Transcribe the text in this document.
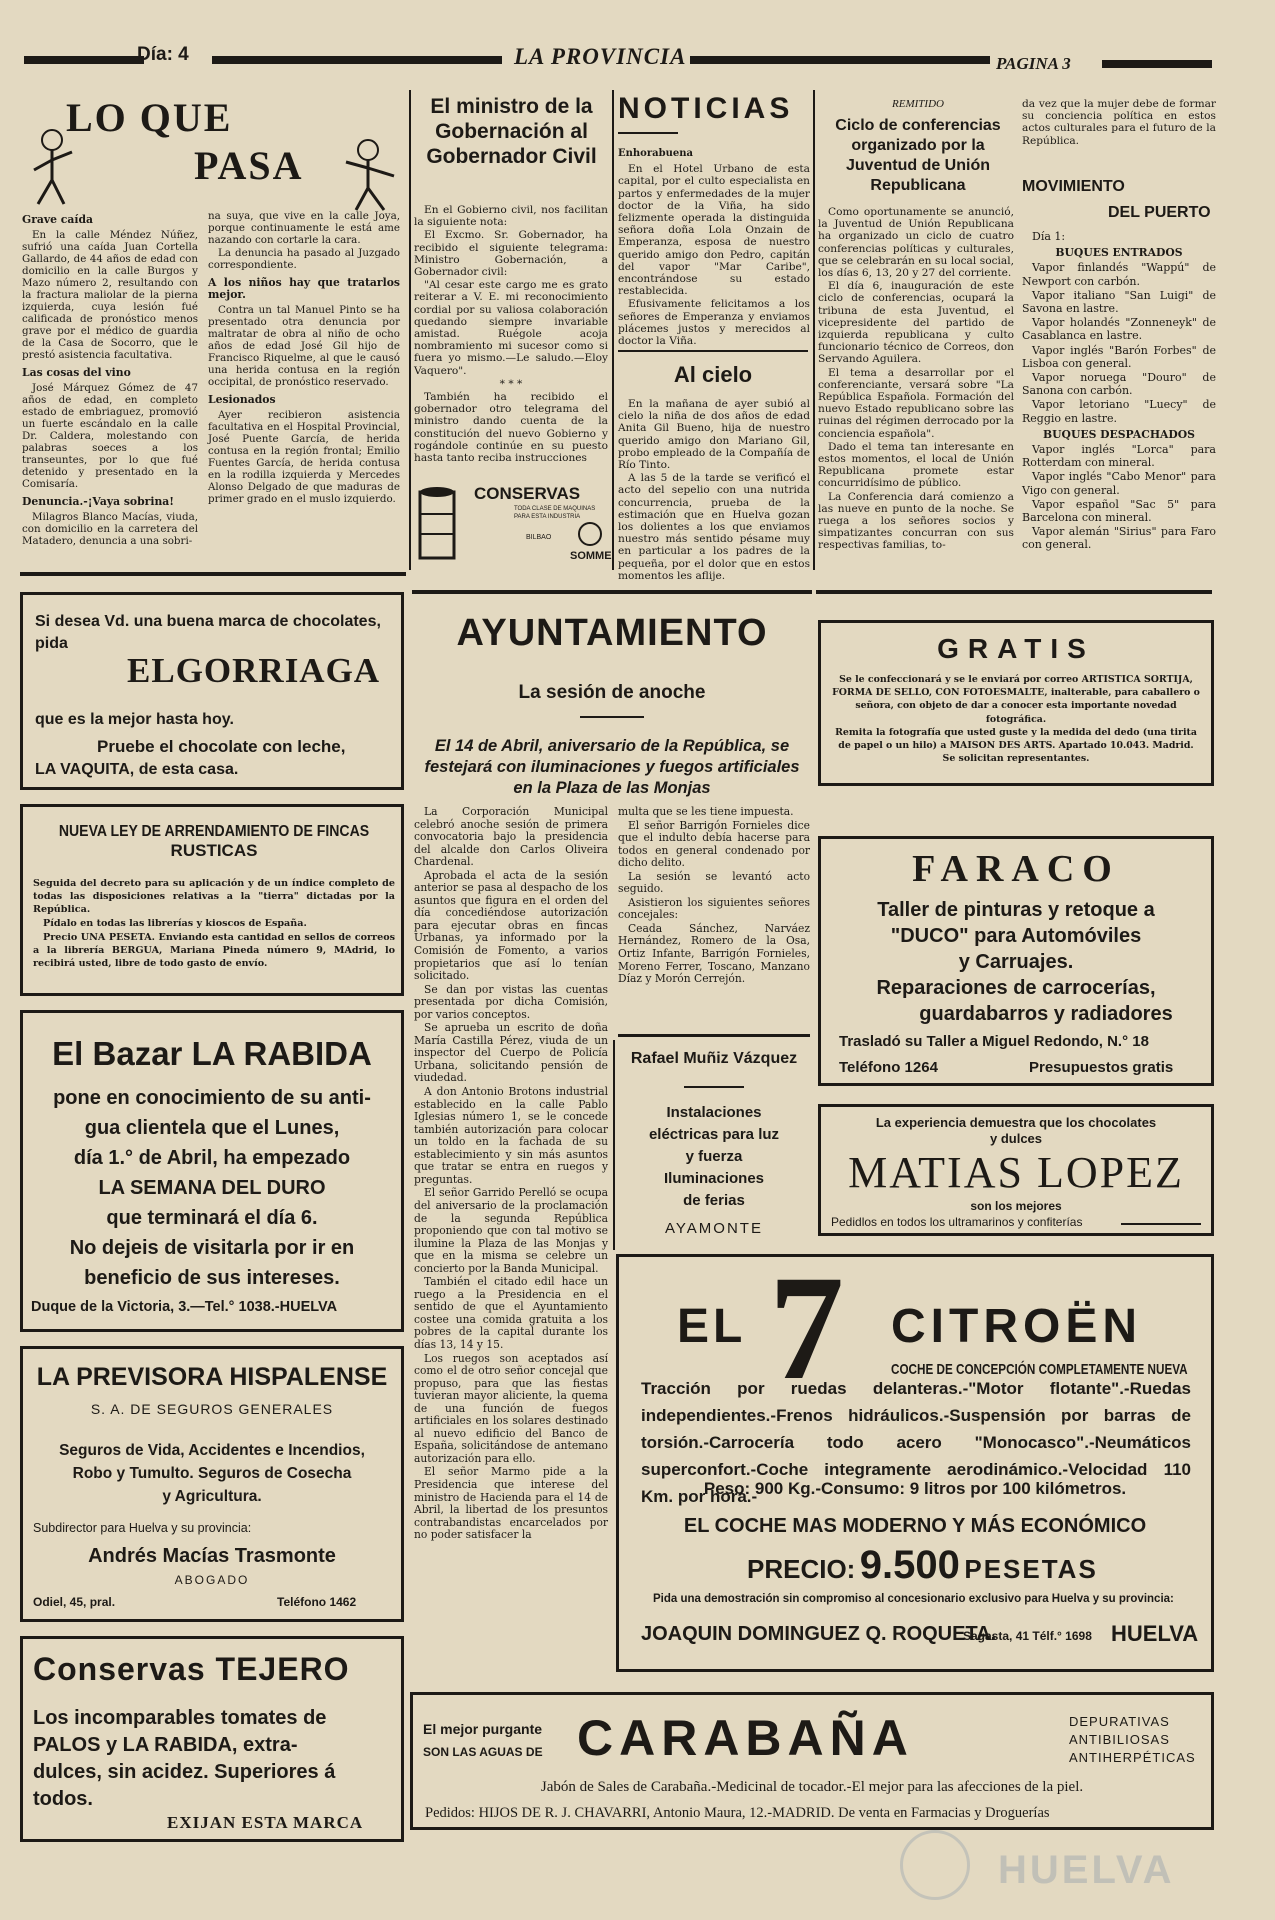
Día: 4	LA PROVINCIA	PAGINA 3
LO QUE
PASA
Grave caída

En la calle Méndez Núñez, sufrió una caída Juan Cortella Gallardo, de 44 años de edad con domicilio en la calle Burgos y Mazo número 2, resultando con la fractura maliolar de la pierna izquierda, cuya lesión fué calificada de pronóstico menos grave por el médico de guardia de la Casa de Socorro, que le prestó asistencia facultativa.

Las cosas del vino

José Márquez Gómez de 47 años de edad, en completo estado de embriaguez, promovió un fuerte escándalo en la calle Dr. Caldera, molestando con palabras soeces a los transeuntes, por lo que fué detenido y presentado en la Comisaría.

Denuncia.-¡Vaya sobrina!

Milagros Blanco Macías, viuda, con domicilio en la carretera del Matadero, denuncia a una sobri-

na suya, que vive en la calle Joya, porque continuamente le está ame nazando con cortarle la cara.

La denuncia ha pasado al Juzgado correspondiente.

A los niños hay que tratarlos mejor.

Contra un tal Manuel Pinto se ha presentado otra denuncia por maltratar de obra al niño de ocho años de edad José Gil hijo de Francisco Riquelme, al que le causó una herida contusa en la región occipital, de pronóstico reservado.

Lesionados

Ayer recibieron asistencia facultativa en el Hospital Provincial, José Puente García, de herida contusa en la región frontal; Emilio Fuentes García, de herida contusa en la rodilla izquierda y Mercedes Alonso Delgado de que maduras de primer grado en el muslo izquierdo.

El ministro de la Gobernación al Gobernador Civil

En el Gobierno civil, nos facilitan la siguiente nota:

El Excmo. Sr. Gobernador, ha recibido el siguiente telegrama: Ministro Gobernación, a Gobernador civil:

"Al cesar este cargo me es grato reiterar a V. E. mi reconocimiento cordial por su valiosa colaboración quedando siempre invariable amistad. Ruégole acoja nombramiento mi sucesor como si fuera yo mismo.—Le saludo.—Eloy Vaquero".

* * *

También ha recibido el gobernador otro telegrama del ministro dando cuenta de la constitución del nuevo Gobierno y rogándole continúe en su puesto hasta tanto reciba instrucciones

CONSERVAS
TODA CLASE DE MAQUINAS
PARA ESTA INDUSTRIA
BILBAO
SOMME
NOTICIAS
Enhorabuena

En el Hotel Urbano de esta capital, por el culto especialista en partos y enfermedades de la mujer doctor de la Viña, ha sido felizmente operada la distinguida señora doña Lola Onzain de Emperanza, esposa de nuestro querido amigo don Pedro, capitán del vapor "Mar Caribe", encontrándose su estado restablecida.

Efusivamente felicitamos a los señores de Emperanza y enviamos plácemes justos y merecidos al doctor la Viña.

Al cielo

En la mañana de ayer subió al cielo la niña de dos años de edad Anita Gil Bueno, hija de nuestro querido amigo don Mariano Gil, probo empleado de la Compañía de Río Tinto.

A las 5 de la tarde se verificó el acto del sepelio con una nutrida concurrencia, prueba de la estimación que en Huelva gozan los dolientes a los que enviamos nuestro más sentido pésame muy en particular a los padres de la pequeña, por el dolor que en estos momentos les aflije.

REMITIDO
Ciclo de conferencias organizado por la Juventud de Unión Republicana

Como oportunamente se anunció, la Juventud de Unión Republicana ha organizado un ciclo de cuatro conferencias políticas y culturales, que se celebrarán en su local social, los días 6, 13, 20 y 27 del corriente.

El día 6, inauguración de este ciclo de conferencias, ocupará la tribuna de esta Juventud, el vicepresidente del partido de izquierda republicana y culto funcionario técnico de Correos, don Servando Aguilera.

El tema a desarrollar por el conferenciante, versará sobre "La República Española. Formación del nuevo Estado republicano sobre las ruinas del régimen derrocado por la conciencia española".

Dado el tema tan interesante en estos momentos, el local de Unión Republicana promete estar concurridísimo de público.

La Conferencia dará comienzo a las nueve en punto de la noche. Se ruega a los señores socios y simpatizantes concurran con sus respectivas familias, to-

da vez que la mujer debe de formar su conciencia política en estos actos culturales para el futuro de la República.
MOVIMIENTO
DEL PUERTO

Día 1:

BUQUES ENTRADOS

Vapor finlandés "Wappú" de Newport con carbón.

Vapor italiano "San Luigi" de Savona en lastre.

Vapor holandés "Zonneneyk" de Casablanca en lastre.

Vapor inglés "Barón Forbes" de Lisboa con general.

Vapor noruega "Douro" de Sanona con carbón.

Vapor letoriano "Luecy" de Reggio en lastre.

BUQUES DESPACHADOS

Vapor inglés "Lorca" para Rotterdam con mineral.

Vapor inglés "Cabo Menor" para Vigo con general.

Vapor español "Sac 5" para Barcelona con mineral.

Vapor alemán "Sirius" para Faro con general.

Si desea Vd. una buena marca de chocolates, pida
ELGORRIAGA
que es la mejor hasta hoy.
Pruebe el chocolate con leche,
LA VAQUITA, de esta casa.
NUEVA LEY DE ARRENDAMIENTO DE FINCAS
RUSTICAS

Seguida del decreto para su aplicación y de un índice completo de todas las disposiciones relativas a la "tierra" dictadas por la República.

Pídalo en todas las librerías y kioscos de España.

Precio UNA PESETA. Enviando esta cantidad en sellos de correos a la librería BERGUA, Mariana Pineda número 9, MAdrid, lo recibirá usted, libre de todo gasto de envío.

El Bazar LA RABIDA
pone en conocimiento de su anti-
gua clientela que el Lunes,
día 1.° de Abril, ha empezado
LA SEMANA DEL DURO
que terminará el día 6.
No dejeis de visitarla por ir en
beneficio de sus intereses.
Duque de la Victoria, 3.—Tel.° 1038.-HUELVA
LA PREVISORA HISPALENSE
S. A. DE SEGUROS GENERALES
Seguros de Vida, Accidentes e Incendios,
Robo y Tumulto. Seguros de Cosecha
y Agricultura.
Subdirector para Huelva y su provincia:
Andrés Macías Trasmonte
ABOGADO
Odiel, 45, pral.	Teléfono 1462
Conservas TEJERO
Los incomparables tomates de
PALOS y LA RABIDA, extra-
dulces, sin acidez. Superiores á
todos.
EXIJAN ESTA MARCA
AYUNTAMIENTO
La sesión de anoche
El 14 de Abril, aniversario de la República, se festejará con iluminaciones y fuegos artificiales en la Plaza de las Monjas

La Corporación Municipal celebró anoche sesión de primera convocatoria bajo la presidencia del alcalde don Carlos Oliveira Chardenal.

Aprobada el acta de la sesión anterior se pasa al despacho de los asuntos que figura en el orden del día concediéndose autorización para ejecutar obras en fincas Urbanas, ya informado por la Comisión de Fomento, a varios propietarios que así lo tenían solicitado.

Se dan por vistas las cuentas presentada por dicha Comisión, por varios conceptos.

Se aprueba un escrito de doña María Castilla Pérez, viuda de un inspector del Cuerpo de Policía Urbana, solicitando pensión de viudedad.

A don Antonio Brotons industrial establecido en la calle Pablo Iglesias número 1, se le concede también autorización para colocar un toldo en la fachada de su establecimiento y sin más asuntos que tratar se entra en ruegos y preguntas.

El señor Garrido Perelló se ocupa del aniversario de la proclamación de la segunda República proponiendo que con tal motivo se ilumine la Plaza de las Monjas y que en la misma se celebre un concierto por la Banda Municipal.

También el citado edil hace un ruego a la Presidencia en el sentido de que el Ayuntamiento costee una comida gratuita a los pobres de la capital durante los días 13, 14 y 15.

Los ruegos son aceptados así como el de otro señor concejal que propuso, para que las fiestas tuvieran mayor aliciente, la quema de una función de fuegos artificiales en los solares destinado al nuevo edificio del Banco de España, solicitándose de antemano autorización para ello.

El señor Marmo pide a la Presidencia que interese del ministro de Hacienda para el 14 de Abril, la libertad de los presuntos contrabandistas encarcelados por no poder satisfacer la

multa que se les tiene impuesta.

El señor Barrigón Fornieles dice que el indulto debía hacerse para todos en general condenado por dicho delito.

La sesión se levantó acto seguido.

Asistieron los siguientes señores concejales:

Ceada Sánchez, Narváez Hernández, Romero de la Osa, Ortiz Infante, Barrigón Fornieles, Moreno Ferrer, Toscano, Manzano Díaz y Morón Cerrejón.

Rafael Muñiz Vázquez
Instalaciones
eléctricas para luz
y fuerza
Iluminaciones
de ferias
AYAMONTE
GRATIS

Se le confeccionará y se le enviará por correo ARTISTICA SORTIJA, FORMA DE SELLO, CON FOTOESMALTE, inalterable, para caballero o señora, con objeto de dar a conocer esta importante novedad fotográfica.

Remita la fotografía que usted guste y la medida del dedo (una tirita de papel o un hilo) a MAISON DES ARTS. Apartado 10.043. Madrid.

Se solicitan representantes.

FARACO
Taller de pinturas y retoque a
"DUCO" para Automóviles
y Carruajes.
Reparaciones de carrocerías,
guardabarros y radiadores
Trasladó su Taller a Miguel Redondo, N.° 18
Teléfono 1264	Presupuestos gratis
La experiencia demuestra que los chocolates
y dulces
MATIAS LOPEZ
son los mejores
Pedidlos en todos los ultramarinos y confiterías
EL 7 CITROËN
COCHE DE CONCEPCIÓN COMPLETAMENTE NUEVA
Tracción por ruedas delanteras.-"Motor flotante".-Ruedas independientes.-Frenos hidráulicos.-Suspensión por barras de torsión.-Carrocería todo acero "Monocasco".-Neumáticos superconfort.-Coche integramente aerodinámico.-Velocidad 110 Km. por hora.-
Peso: 900 Kg.-Consumo: 9 litros por 100 kilómetros.
EL COCHE MAS MODERNO Y MÁS ECONÓMICO
PRECIO: 9.500 PESETAS
Pida una demostración sin compromiso al concesionario exclusivo para Huelva y su provincia:
JOAQUIN DOMINGUEZ Q. ROQUETA.
Sagasta, 41 Télf.° 1698 HUELVA
El mejor purgante
SON LAS AGUAS DE CARABAÑA	DEPURATIVAS
ANTIBILIOSAS
ANTIHERPÉTICAS
Jabón de Sales de Carabaña.-Medicinal de tocador.-El mejor para las afecciones de la piel.
Pedidos: HIJOS DE R. J. CHAVARRI, Antonio Maura, 12.-MADRID. De venta en Farmacias y Droguerías
HUELVA
